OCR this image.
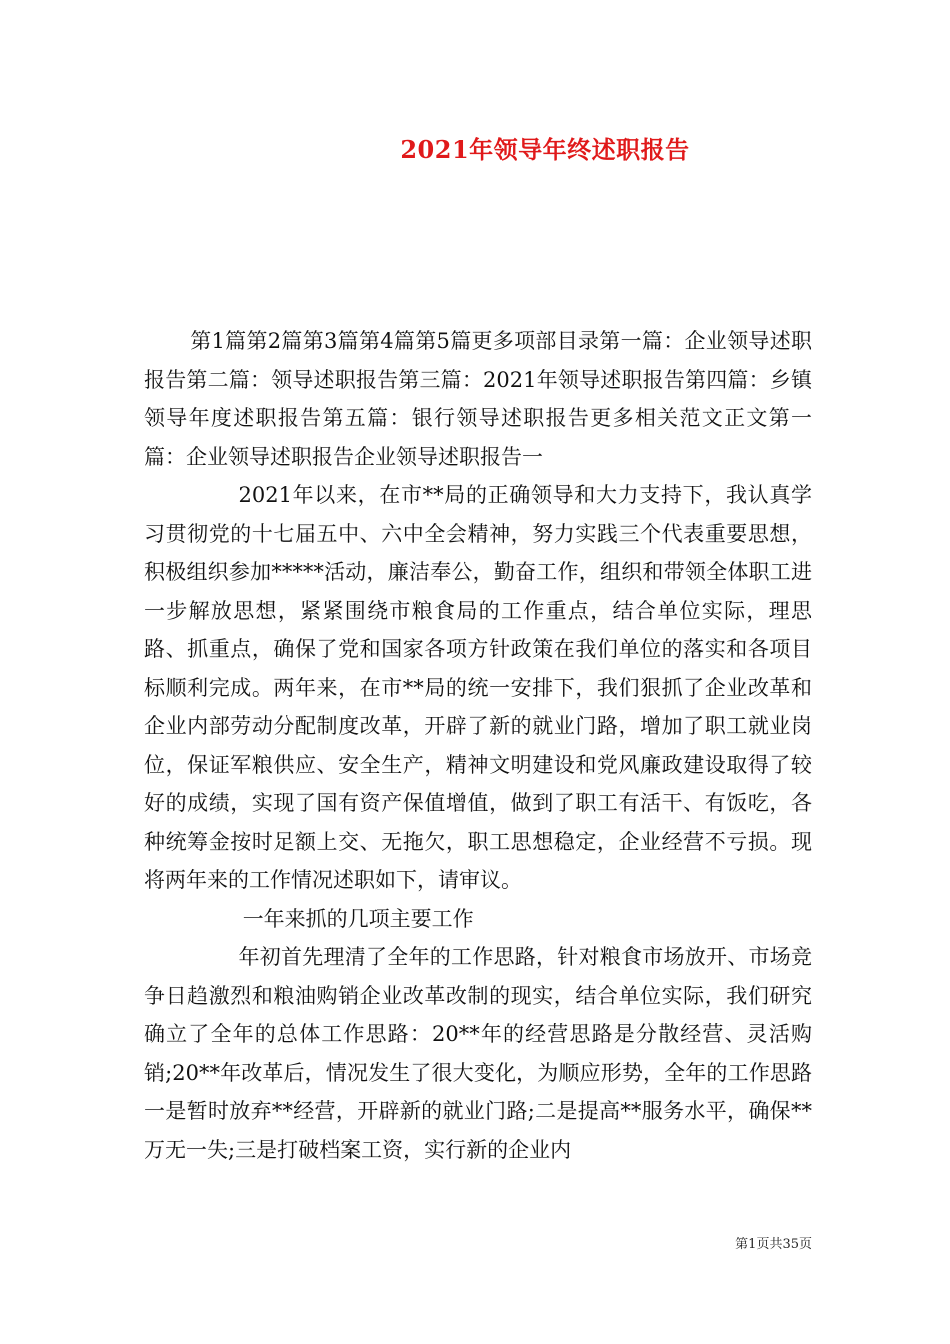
2021年领导年终述职报告

第1篇第2篇第3篇第4篇第5篇更多项部目录第一篇：企业领导述职报告第二篇：领导述职报告第三篇：2021年领导述职报告第四篇：乡镇领导年度述职报告第五篇：银行领导述职报告更多相关范文正文第一篇：企业领导述职报告企业领导述职报告一

2021年以来，在市**局的正确领导和大力支持下，我认真学习贯彻党的十七届五中、六中全会精神，努力实践三个代表重要思想，积极组织参加*****活动，廉洁奉公，勤奋工作，组织和带领全体职工进一步解放思想，紧紧围绕市粮食局的工作重点，结合单位实际，理思路、抓重点，确保了党和国家各项方针政策在我们单位的落实和各项目标顺利完成。两年来，在市**局的统一安排下，我们狠抓了企业改革和企业内部劳动分配制度改革，开辟了新的就业门路，增加了职工就业岗位，保证军粮供应、安全生产，精神文明建设和党风廉政建设取得了较好的成绩，实现了国有资产保值增值，做到了职工有活干、有饭吃，各种统筹金按时足额上交、无拖欠，职工思想稳定，企业经营不亏损。现将两年来的工作情况述职如下，请审议。

一年来抓的几项主要工作

年初首先理清了全年的工作思路，针对粮食市场放开、市场竞争日趋激烈和粮油购销企业改革改制的现实，结合单位实际，我们研究确立了全年的总体工作思路：20**年的经营思路是分散经营、灵活购销;20**年改革后，情况发生了很大变化，为顺应形势，全年的工作思路一是暂时放弃**经营，开辟新的就业门路;二是提高**服务水平，确保**万无一失;三是打破档案工资，实行新的企业内

第1页共35页
